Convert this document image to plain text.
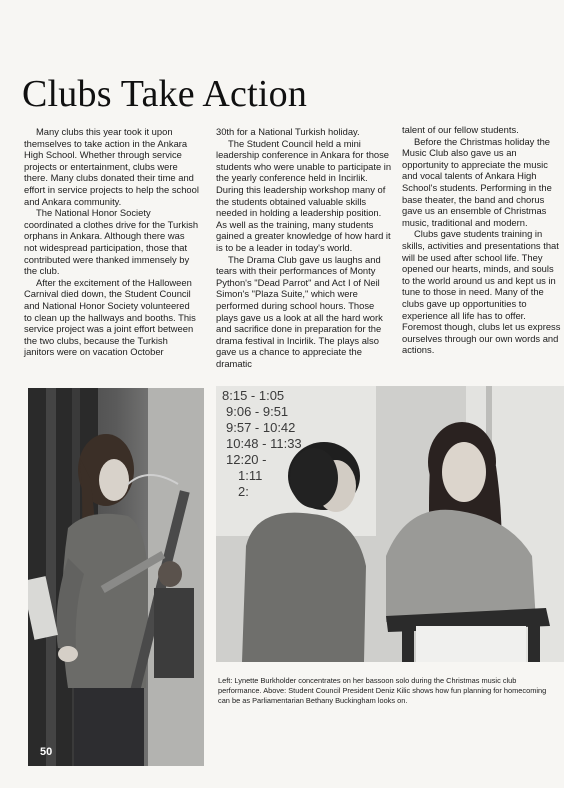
Clubs Take Action

Many clubs this year took it upon themselves to take action in the Ankara High School. Whether through service projects or entertainment, clubs were there. Many clubs donated their time and effort in service projects to help the school and Ankara community.

The National Honor Society coordinated a clothes drive for the Turkish orphans in Ankara. Although there was not widespread participation, those that contributed were thanked immensely by the club.

After the excitement of the Halloween Carnival died down, the Student Council and National Honor Society volunteered to clean up the hallways and booths. This service project was a joint effort between the two clubs, because the Turkish janitors were on vacation October

30th for a National Turkish holiday.

The Student Council held a mini leadership conference in Ankara for those students who were unable to participate in the yearly conference held in Incirlik. During this leadership workshop many of the students obtained valuable skills needed in holding a leadership position. As well as the training, many students gained a greater knowledge of how hard it is to be a leader in today's world.

The Drama Club gave us laughs and tears with their performances of Monty Python's "Dead Parrot" and Act I of Neil Simon's "Plaza Suite," which were performed during school hours. Those plays gave us a look at all the hard work and sacrifice done in preparation for the drama festival in Incirlik. The plays also gave us a chance to appreciate the dramatic

talent of our fellow students.

Before the Christmas holiday the

Music Club also gave us an

opportunity to appreciate the music

and vocal talents of Ankara High

School's students. Performing in the

base theater, the band and chorus

gave us an ensemble of Christmas

music, traditional and modern.

Clubs gave students training in

skills, activities and presentations that

will be used after school life. They

opened our hearts, minds, and souls

to the world around us and kept us in

tune to those in need. Many of the

clubs gave up opportunities to

experience all life has to offer.

Foremost though, clubs let us express

ourselves through our own words and

actions.

50
8:15 - 1:05
9:06 - 9:51
9:57 - 10:42
10:48 - 11:33
12:20 -
1:11
2:
Left: Lynette Burkholder concentrates on her bassoon solo during the Christmas music club
performance. Above: Student Council President Deniz Kilic shows how fun planning for homecoming
can be as Parliamentarian Bethany Buckingham looks on.
